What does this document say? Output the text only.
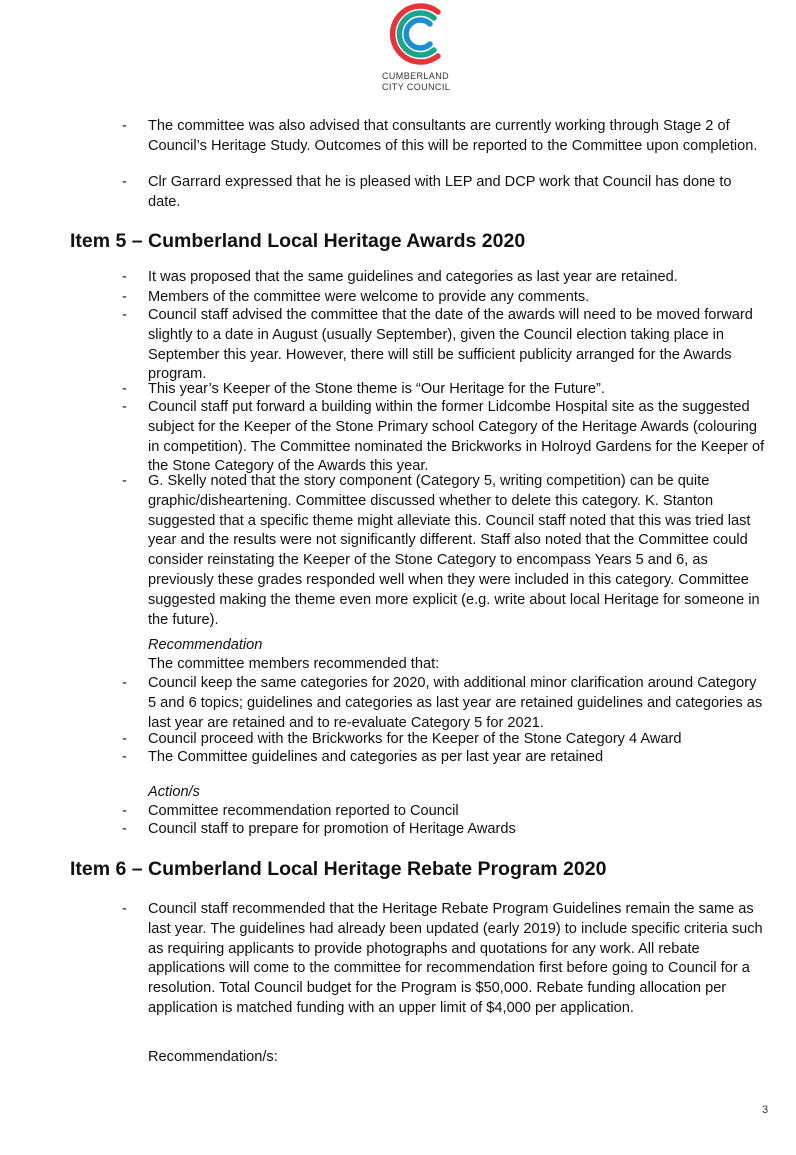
CUMBERLAND
CITY COUNCIL
- The committee was also advised that consultants are currently working through Stage 2 of Council’s Heritage Study. Outcomes of this will be reported to the Committee upon completion.
- Clr Garrard expressed that he is pleased with LEP and DCP work that Council has done to date.
Item 5 – Cumberland Local Heritage Awards 2020
- It was proposed that the same guidelines and categories as last year are retained.
- Members of the committee were welcome to provide any comments.
- Council staff advised the committee that the date of the awards will need to be moved forward slightly to a date in August (usually September), given the Council election taking place in September this year. However, there will still be sufficient publicity arranged for the Awards program.
- This year’s Keeper of the Stone theme is “Our Heritage for the Future”.
- Council staff put forward a building within the former Lidcombe Hospital site as the suggested subject for the Keeper of the Stone Primary school Category of the Heritage Awards (colouring in competition). The Committee nominated the Brickworks in Holroyd Gardens for the Keeper of the Stone Category of the Awards this year.
- G. Skelly noted that the story component (Category 5, writing competition) can be quite graphic/disheartening. Committee discussed whether to delete this category. K. Stanton suggested that a specific theme might alleviate this. Council staff noted that this was tried last year and the results were not significantly different. Staff also noted that the Committee could consider reinstating the Keeper of the Stone Category to encompass Years 5 and 6, as previously these grades responded well when they were included in this category. Committee suggested making the theme even more explicit (e.g. write about local Heritage for someone in the future).
Recommendation
The committee members recommended that:
- Council keep the same categories for 2020, with additional minor clarification around Category 5 and 6 topics; guidelines and categories as last year are retained guidelines and categories as last year are retained and to re-evaluate Category 5 for 2021.
- Council proceed with the Brickworks for the Keeper of the Stone Category 4 Award
- The Committee guidelines and categories as per last year are retained
Action/s
- Committee recommendation reported to Council
- Council staff to prepare for promotion of Heritage Awards
Item 6 – Cumberland Local Heritage Rebate Program 2020
- Council staff recommended that the Heritage Rebate Program Guidelines remain the same as last year. The guidelines had already been updated (early 2019) to include specific criteria such as requiring applicants to provide photographs and quotations for any work. All rebate applications will come to the committee for recommendation first before going to Council for a resolution. Total Council budget for the Program is $50,000. Rebate funding allocation per application is matched funding with an upper limit of $4,000 per application.
Recommendation/s:
3
